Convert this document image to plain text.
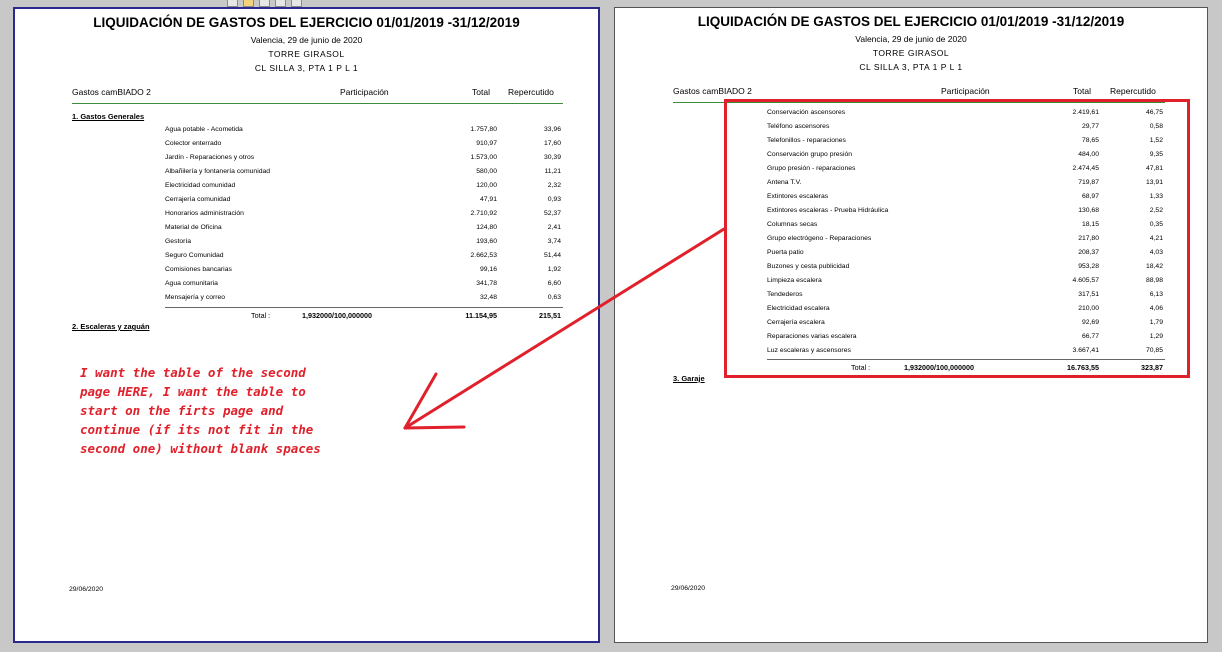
LIQUIDACIÓN DE GASTOS DEL EJERCICIO 01/01/2019 -31/12/2019
Valencia, 29 de junio de 2020
TORRE GIRASOL
CL SILLA 3, PTA 1 P L 1
Gastos camBIADO 2	Participación	Total Repercutido
1. Gastos Generales
Agua potable - Acometida	1.757,80	33,96
Colector enterrado	910,97	17,60
Jardín - Reparaciones y otros	1.573,00	30,39
Albañilería y fontanería comunidad	580,00	11,21
Electricidad comunidad	120,00	2,32
Cerrajería comunidad	47,91	0,93
Honorarios administración	2.710,92	52,37
Material de Oficina	124,80	2,41
Gestoría	193,60	3,74
Seguro Comunidad	2.662,53	51,44
Comisiones bancarias	99,16	1,92
Agua comunitaria	341,78	6,60
Mensajería y correo	32,48	0,63
Total :	1,932000/100,000000	11.154,95	215,51
2. Escaleras y zaguán
29/06/2020
LIQUIDACIÓN DE GASTOS DEL EJERCICIO 01/01/2019 -31/12/2019
Valencia, 29 de junio de 2020
TORRE GIRASOL
CL SILLA 3, PTA 1 P L 1
Gastos camBIADO 2	Participación	Total Repercutido
Conservación ascensores	2.419,61	46,75
Teléfono ascensores	29,77	0,58
Telefonillos - reparaciones	78,65	1,52
Conservación grupo presión	484,00	9,35
Grupo presión - reparaciones	2.474,45	47,81
Antena T.V.	719,87	13,91
Extintores escaleras	68,97	1,33
Extintores escaleras - Prueba Hidráulica	130,68	2,52
Columnas secas	18,15	0,35
Grupo electrógeno - Reparaciones	217,80	4,21
Puerta patio	208,37	4,03
Buzones y cesta publicidad	953,28	18,42
Limpieza escalera	4.605,57	88,98
Tendederos	317,51	6,13
Electricidad escalera	210,00	4,06
Cerrajería escalera	92,69	1,79
Reparaciones varias escalera	66,77	1,29
Luz escaleras y ascensores	3.667,41	70,85
Total :	1,932000/100,000000	16.763,55	323,87
3. Garaje
29/06/2020
I want the table of the second
page HERE, I want the table to
start on the firts page and
continue (if its not fit in the
second one) without blank spaces
